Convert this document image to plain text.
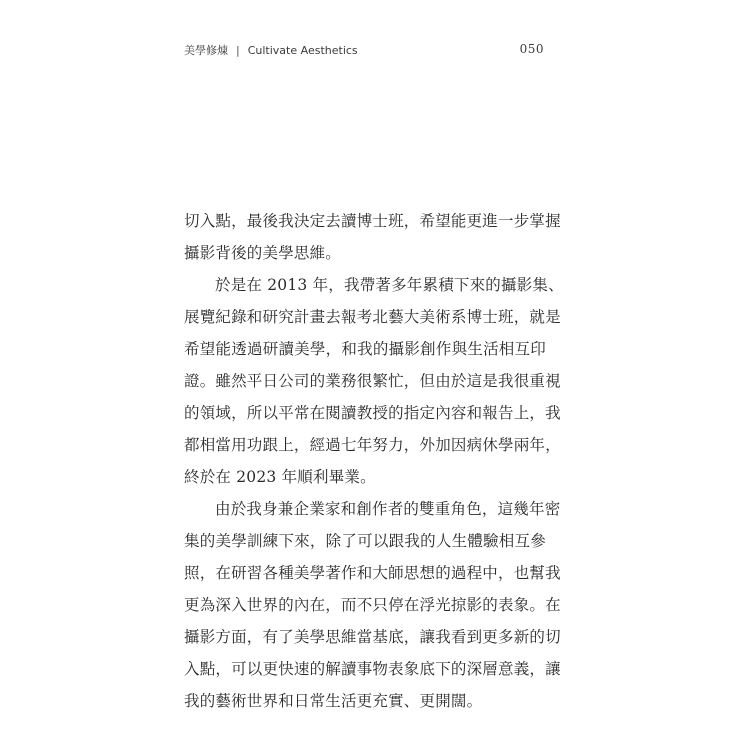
美學修煉 | Cultivate Aesthetics	050
切入點，最後我決定去讀博士班，希望能更進一步掌握
攝影背後的美學思維。
於是在 2013 年，我帶著多年累積下來的攝影集、
展覽紀錄和研究計畫去報考北藝大美術系博士班，就是
希望能透過研讀美學，和我的攝影創作與生活相互印
證。雖然平日公司的業務很繁忙，但由於這是我很重視
的領域，所以平常在閱讀教授的指定內容和報告上，我
都相當用功跟上，經過七年努力，外加因病休學兩年，
終於在 2023 年順利畢業。
由於我身兼企業家和創作者的雙重角色，這幾年密
集的美學訓練下來，除了可以跟我的人生體驗相互參
照，在研習各種美學著作和大師思想的過程中，也幫我
更為深入世界的內在，而不只停在浮光掠影的表象。在
攝影方面，有了美學思維當基底，讓我看到更多新的切
入點，可以更快速的解讀事物表象底下的深層意義，讓
我的藝術世界和日常生活更充實、更開闊。
